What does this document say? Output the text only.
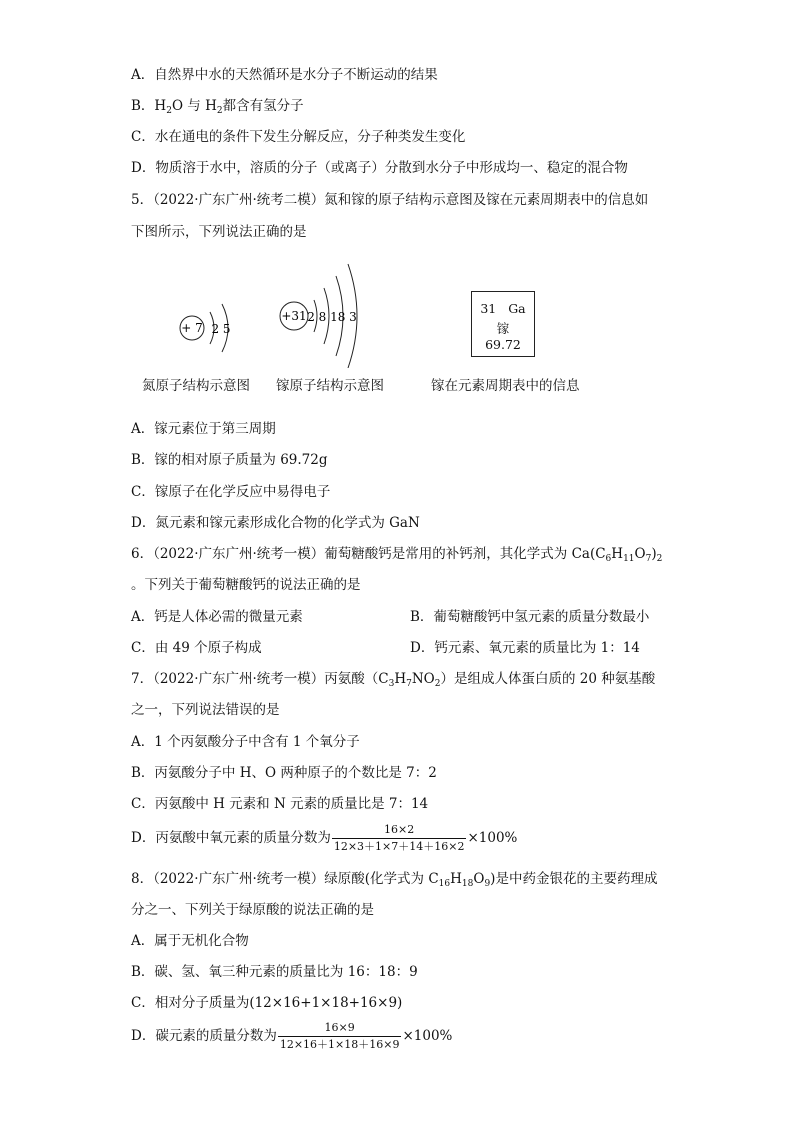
A．自然界中水的天然循环是水分子不断运动的结果
B．$H_2O$ 与 $H_2$都含有氢分子
C．水在通电的条件下发生分解反应，分子种类发生变化
D．物质溶于水中，溶质的分子（或离子）分散到水分子中形成均一、稳定的混合物
5．（2022·广东广州·统考二模）氮和镓的原子结构示意图及镓在元素周期表中的信息如
下图所示，下列说法正确的是
+ 7 2 5
+31 2 8 18 3
31 Ga
镓
69.72
氮原子结构示意图 镓原子结构示意图	镓在元素周期表中的信息
A．镓元素位于第三周期
B．镓的相对原子质量为 69.72g
C．镓原子在化学反应中易得电子
D．氮元素和镓元素形成化合物的化学式为 GaN
6．（2022·广东广州·统考一模）葡萄糖酸钙是常用的补钙剂，其化学式为 $Ca(C_6H_{11}O_7)_2$
。下列关于葡萄糖酸钙的说法正确的是
A．钙是人体必需的微量元素	B．葡萄糖酸钙中氢元素的质量分数最小
C．由 49 个原子构成	D．钙元素、氧元素的质量比为 1：14
7．（2022·广东广州·统考一模）丙氨酸$(C_3H_7NO_2)$是组成人体蛋白质的 20 种氨基酸
之一，下列说法错误的是
A．1 个丙氨酸分子中含有 1 个氧分子
B．丙氨酸分子中 H、O 两种原子的个数比是 7：2
C．丙氨酸中 H 元素和 N 元素的质量比是 7：14
D．丙氨酸中氧元素的质量分数为 $\frac{16\times 2}{12\times 3+1\times 7+14+16\times 2} \times 100\%$
8．（2022·广东广州·统考一模）绿原酸(化学式为 $C_{16}H_{18}O_9$)是中药金银花的主要药理成
分之一、下列关于绿原酸的说法正确的是
A．属于无机化合物
B．碳、氢、氧三种元素的质量比为 16：18：9
C．相对分子质量为(12×16+1×18+16×9)
D．碳元素的质量分数为 $\frac{16\times 9}{12\times 16+1\times 18+16\times 9} \times 100\%$
